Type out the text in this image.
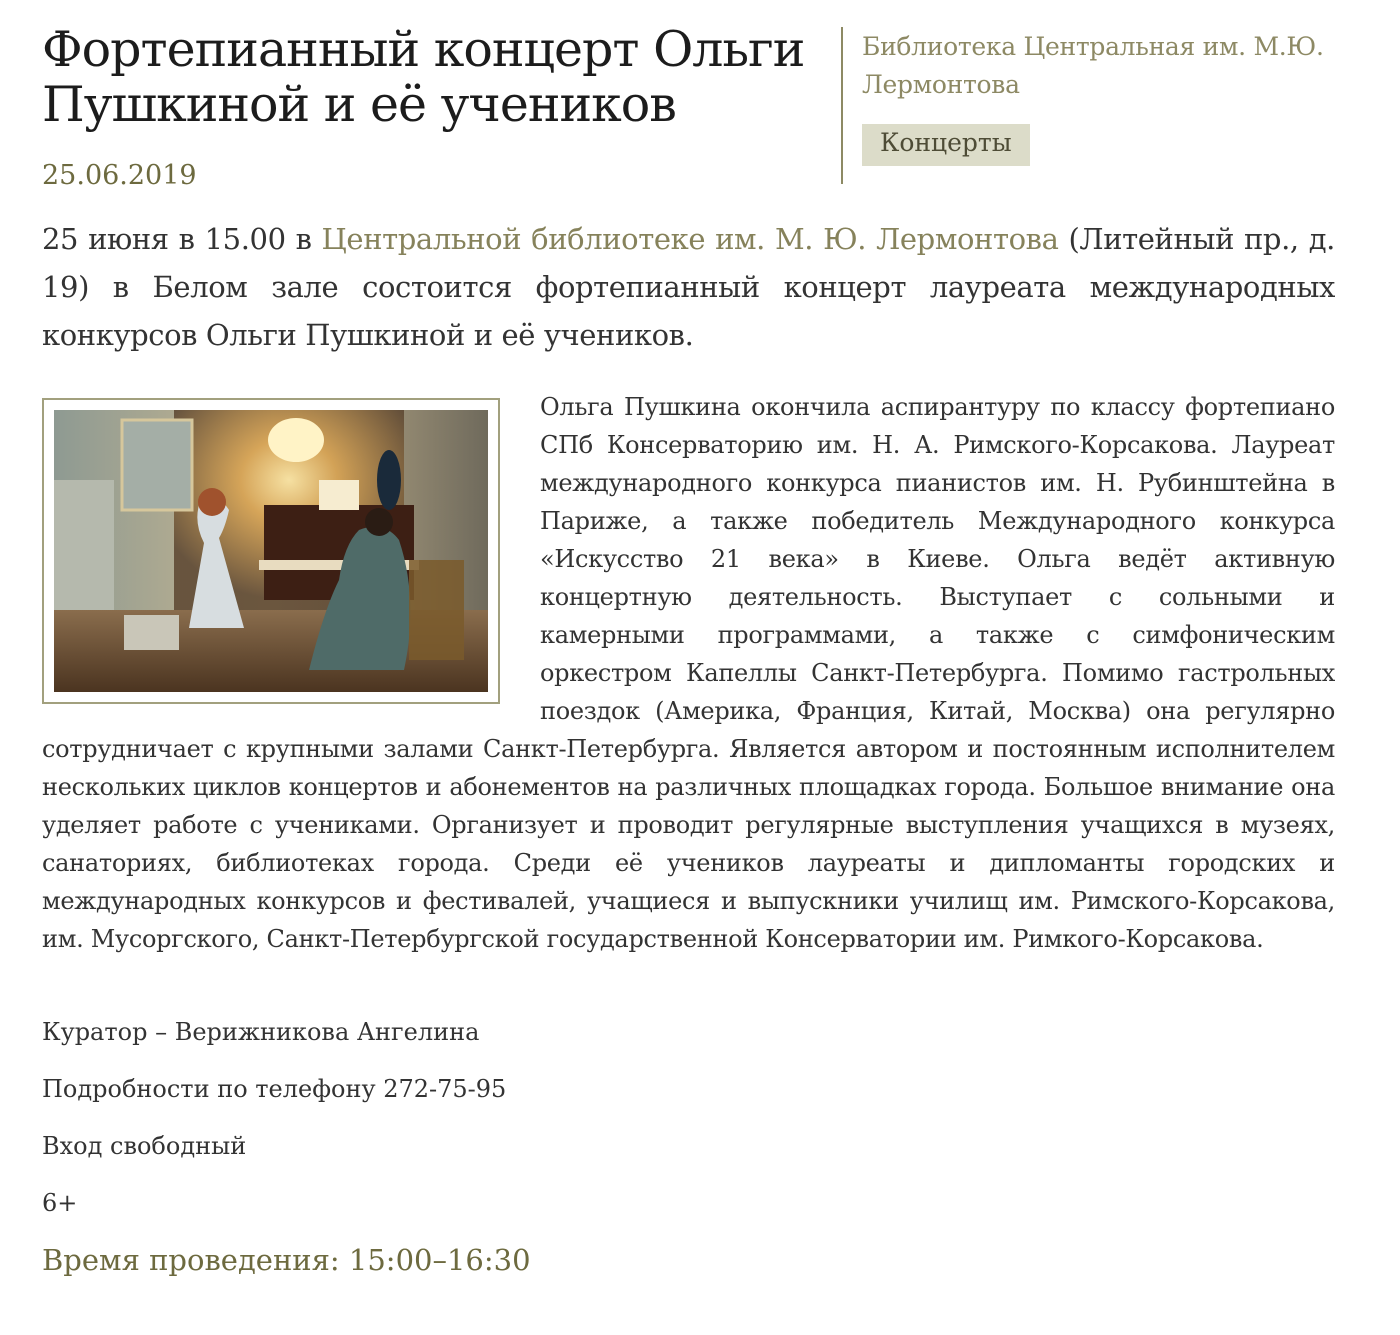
Фортепианный концерт Ольги Пушкиной и её учеников
25.06.2019
Библиотека Центральная им. М.Ю. Лермонтова
Концерты

25 июня в 15.00 в Центральной библиотеке им. М. Ю. Лермонтова (Литейный пр., д. 19) в Белом зале состоится фортепианный концерт лауреата международных конкурсов Ольги Пушкиной и её учеников.

Ольга Пушкина окончила аспирантуру по классу фортепиано СПб Консерваторию им. Н. А. Римского-Корсакова. Лауреат международного конкурса пианистов им. Н. Рубинштейна в Париже, а также победитель Международного конкурса «Искусство 21 века» в Киеве. Ольга ведёт активную концертную деятельность. Выступает с сольными и камерными программами, а также с симфоническим оркестром Капеллы Санкт-Петербурга. Помимо гастрольных поездок (Америка, Франция, Китай, Москва) она регулярно сотрудничает с крупными залами Санкт-Петербурга. Является автором и постоянным исполнителем нескольких циклов концертов и абонементов на различных площадках города. Большое внимание она уделяет работе с учениками. Организует и проводит регулярные выступления учащихся в музеях, санаториях, библиотеках города. Среди её учеников лауреаты и дипломанты городских и международных конкурсов и фестивалей, учащиеся и выпускники училищ им. Римского-Корсакова, им. Мусоргского, Санкт-Петербургской государственной Консерватории им. Римкого-Корсакова.
Куратор – Верижникова Ангелина
Подробности по телефону 272-75-95
Вход свободный
6+
Время проведения: 15:00–16:30
